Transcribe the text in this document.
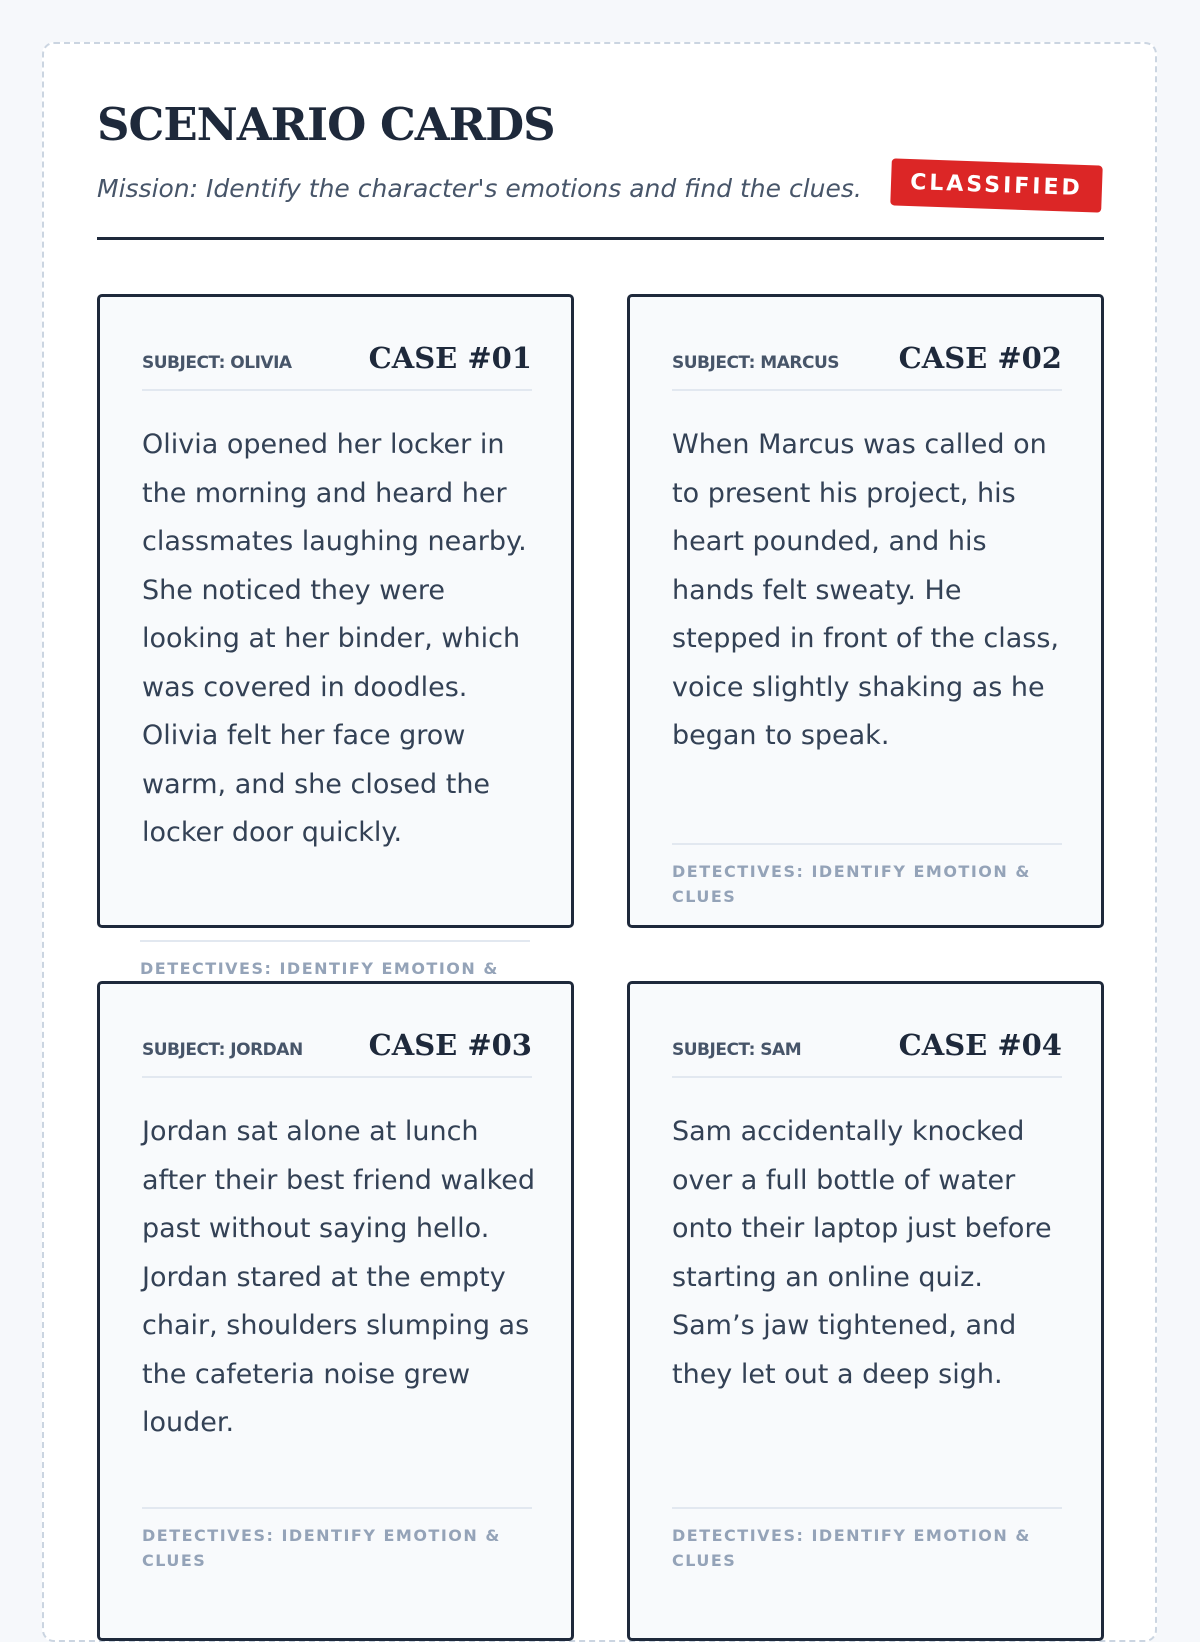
SCENARIO CARDS
Mission: Identify the character's emotions and find the clues.	CLASSIFIED
SUBJECT: OLIVIA	CASE #01

Olivia opened her locker in the morning and heard her classmates laughing nearby. She noticed they were looking at her binder, which was covered in doodles. Olivia felt her face grow warm, and she closed the locker door quickly.

DETECTIVES: IDENTIFY EMOTION &
SUBJECT: MARCUS CASE #02

When Marcus was called on to present his project, his heart pounded, and his hands felt sweaty. He stepped in front of the class, voice slightly shaking as he began to speak.

DETECTIVES: IDENTIFY EMOTION & CLUES
SUBJECT: JORDAN CASE #03

Jordan sat alone at lunch after their best friend walked past without saying hello. Jordan stared at the empty chair, shoulders slumping as the cafeteria noise grew louder.

DETECTIVES: IDENTIFY EMOTION & CLUES
SUBJECT: SAM	CASE #04

Sam accidentally knocked over a full bottle of water onto their laptop just before starting an online quiz. Sam’s jaw tightened, and they let out a deep sigh.

DETECTIVES: IDENTIFY EMOTION & CLUES
